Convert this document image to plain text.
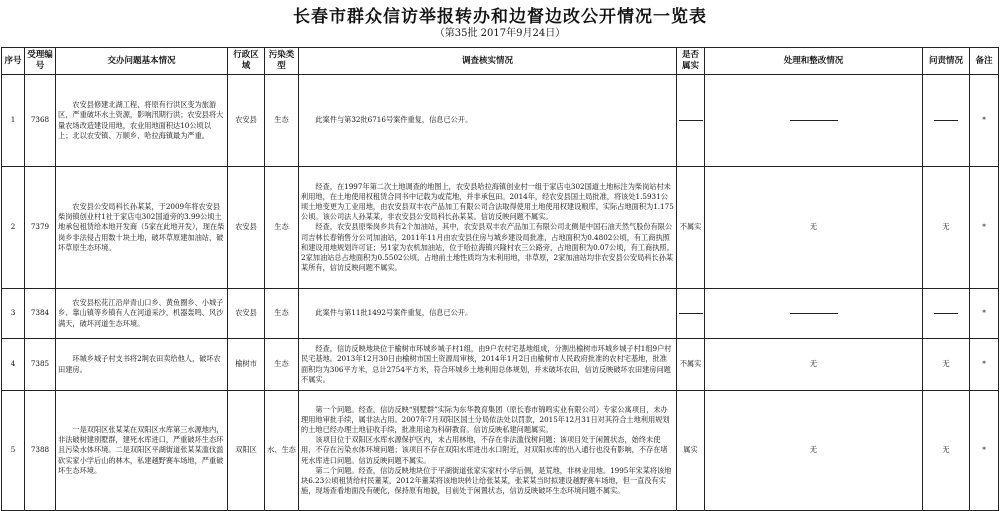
长春市群众信访举报转办和边督边改公开情况一览表
（第35批 2017年9月24日）
序号	受理编号	交办问题基本情况	行政区域	污染类型	调查核实情况	是否属实	处理和整改情况	问责情况	备注
1	7368	农安县修建北湖工程，将原有行洪区变为旅游区，严重破坏水土资源，影响汛期行洪；农安县将大量农场改造建设用地，农业用地面积达10公顷以上；北以农安镇、万顺乡、哈拉海镇最为严重。	农安县	生态	此案件与第32批6716号案件重复，信息已公开。				*
2	7379	农安县公安局科长孙某某，于2009年将农安县柴岗镇创业村1社于家店屯302国道旁的3.99公顷土地承包租赁给本地开发商（5家在此地开发），现在柴岗乡非法侵占用数十块土地，破坏草原建加油站，破坏草原生态环境。	农安县	生态	经查，在1997年第二次土地调查的地图上，农安县哈拉海镇创业村一组于家店屯302国道土地标注为柴岗站村未利用地，在土地使用权租赁合同书中记载为或荒地，并非承包田。2014年，经农安县国土局批准，将该处1.5931公顷土地变更为工业用地，由农安县双丰农产品加工有限公司合法取得使用土地使用权建设粮库，实际占地面积为1.175公顷。该公司法人孙某某，非农安县公安局科长孙某某。信访反映问题不属实。

经查，农安县原柴岗乡共有2个加油站，其中，农安县双丰农产品加工有限公司北侧是中国石油天然气股份有限公司吉林长春销售分公司加油站，2011年11月由农安县住房与城乡建设局批准，占地面积为0.4802公顷，有工商执照和建设用地规划许可证；另1家为农机加油站，位于哈拉海镇兴隆村农三公路旁，占地面积为0.07公顷，有工商执照。2家加油站总占地面积为0.5502公顷，占地前土地性质均为未利用地，非草原，2家加油站均非农安县公安局科长孙某某所有，信访反映问题不属实。	不属实	无	无	*
3	7384	农安县松花江沿岸青山口乡、黄鱼圈乡、小城子乡、靠山镇等乡镇有人在河道采沙，机器轰鸣、风沙满天，破坏河道生态环境。	农安县	生态	此案件与第11批1492号案件重复，信息已公开。				*
4	7385	环城乡城子村支书将2坰农田卖给他人，破坏农田建房。	榆树市	生态	经查，信访反映地块位于榆树市环城乡城子村1组，由9户农村宅基地组成，分割出榆树市环城乡城子村1组9户村民宅基地。2013年12月30日由榆树市国土资源局审核，2014年1月2日由榆树市人民政府批准的农村宅基地，批准面积均为306平方米，总计2754平方米，符合环城乡土地利用总体规划，并未破坏农田，信访反映破坏农田建房问题不属实。	不属实	无	无	*
5	7388	一是双阳区张某某在双阳区水库第三水源地内，非法破树建别墅群，建死水库进口，严重破坏生态环且污染水体环境。二是双阳区平湖街道张某某滥伐滥砍实家小学后山的林木，私建越野赛车场地，严重破坏生态环境。	双阳区	水、生态	第一个问题。经查，信访反映“别墅群”实际为东华教育集团（原长春市锦鸣实业有限公司）专家公寓项目，未办理用地审批手续，属非法占用。2007年7月双阳区国土分局依法处以罚款，2015年12月31日对其符合土地利用规划的土地已经办理土地征收手续，批准用途为科研教育。信访反映私建问题属实。

该项目位于双阳区水库水源保护区内，未占用林地，不存在非法滥伐树问题；该项目处于闲置状态，始终未使用，不存在污染水体环境问题；该项目不存在双阳水库进出水口附近，对双阳水库的出入通行也没有影响，不存在堵死水库进口问题。信访反映问题不属实。

第二个问题。经查，信访反映地块位于平湖街道张家实家村小学后侧，是荒地，非林业用地。1995年宋某将该地块6.23公顷租赁给村民董某，2012年董某将该地块转让给张某某，张某某当时拟建设越野赛车场地，但一直没有实施，现场查看地面没有硬化，保持原有地貌，目前处于闲置状态，信访反映破坏生态环境问题不属实。	属实	无	无	*
